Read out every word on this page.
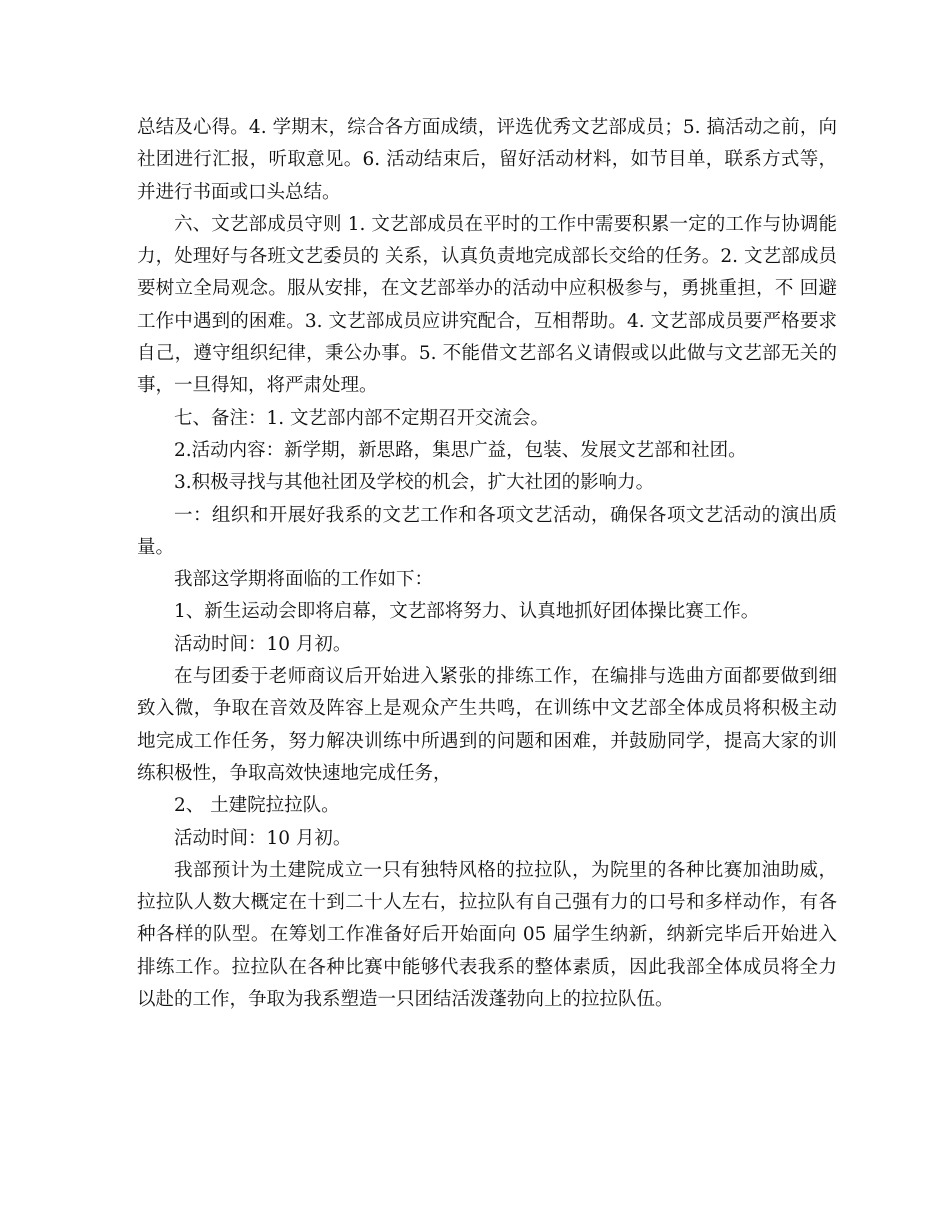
总结及心得。4. 学期末，综合各方面成绩，评选优秀文艺部成员；5. 搞活动之前，向社团进行汇报，听取意见。6. 活动结束后，留好活动材料，如节目单，联系方式等，并进行书面或口头总结。

六、文艺部成员守则 1. 文艺部成员在平时的工作中需要积累一定的工作与协调能力，处理好与各班文艺委员的 关系，认真负责地完成部长交给的任务。2. 文艺部成员要树立全局观念。服从安排，在文艺部举办的活动中应积极参与，勇挑重担，不 回避工作中遇到的困难。3. 文艺部成员应讲究配合，互相帮助。4. 文艺部成员要严格要求自己，遵守组织纪律，秉公办事。5. 不能借文艺部名义请假或以此做与文艺部无关的事，一旦得知，将严肃处理。

七、备注：1. 文艺部内部不定期召开交流会。

2.活动内容：新学期，新思路，集思广益，包装、发展文艺部和社团。

3.积极寻找与其他社团及学校的机会，扩大社团的影响力。

一：组织和开展好我系的文艺工作和各项文艺活动，确保各项文艺活动的演出质量。

我部这学期将面临的工作如下：

1、新生运动会即将启幕，文艺部将努力、认真地抓好团体操比赛工作。

活动时间：10 月初。

在与团委于老师商议后开始进入紧张的排练工作，在编排与选曲方面都要做到细致入微，争取在音效及阵容上是观众产生共鸣，在训练中文艺部全体成员将积极主动地完成工作任务，努力解决训练中所遇到的问题和困难，并鼓励同学，提高大家的训练积极性，争取高效快速地完成任务，

2、 土建院拉拉队。

活动时间：10 月初。

我部预计为土建院成立一只有独特风格的拉拉队，为院里的各种比赛加油助威，拉拉队人数大概定在十到二十人左右，拉拉队有自己强有力的口号和多样动作，有各种各样的队型。在筹划工作准备好后开始面向 05 届学生纳新，纳新完毕后开始进入排练工作。拉拉队在各种比赛中能够代表我系的整体素质，因此我部全体成员将全力以赴的工作，争取为我系塑造一只团结活泼蓬勃向上的拉拉队伍。
